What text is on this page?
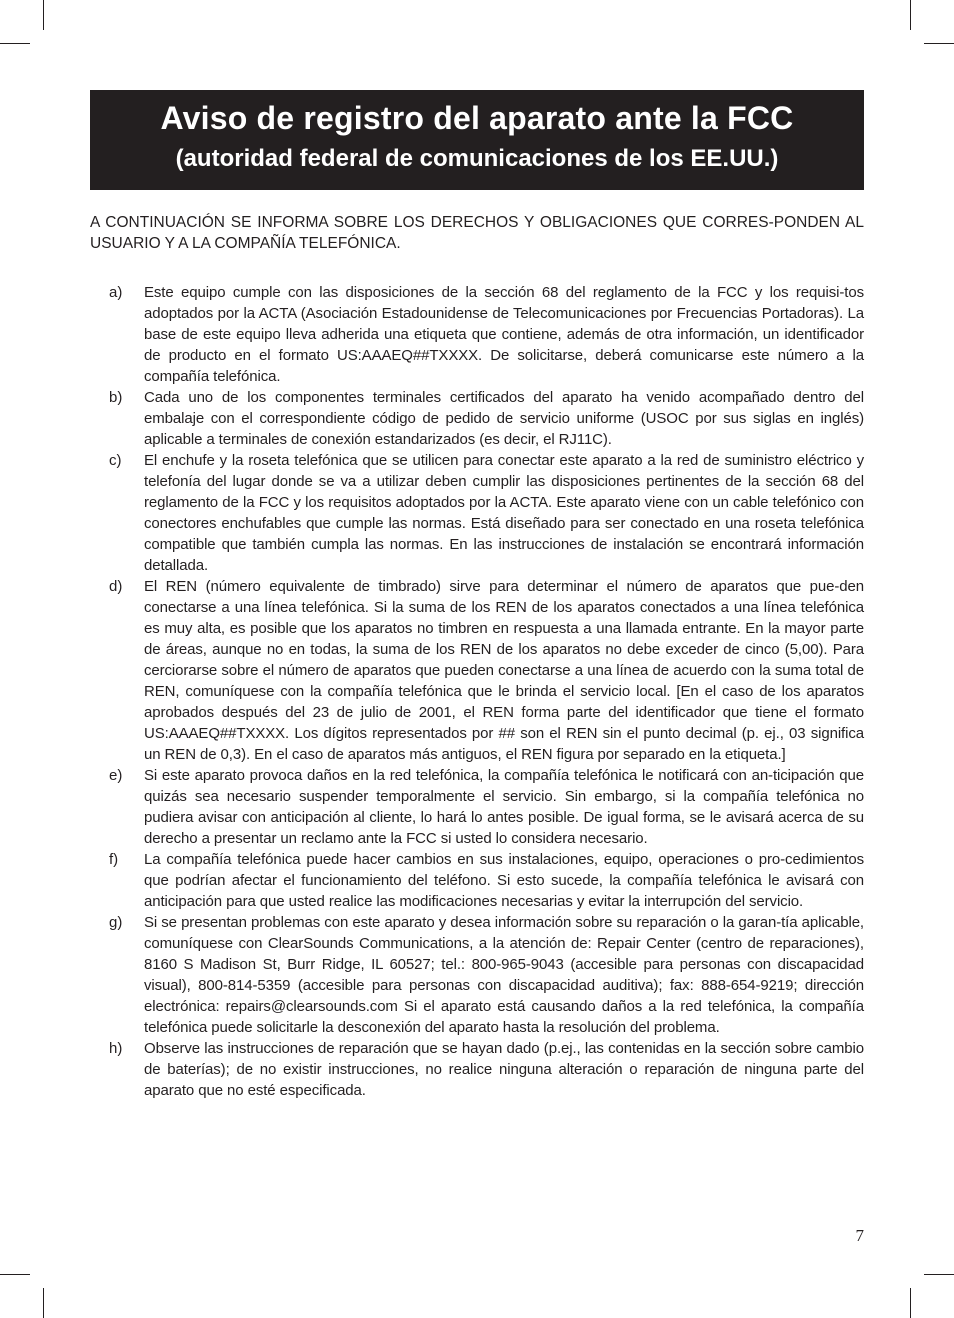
Aviso de registro del aparato ante la FCC
(autoridad federal de comunicaciones de los EE.UU.)

A CONTINUACIÓN SE INFORMA SOBRE LOS DERECHOS Y OBLIGACIONES QUE CORRES-PONDEN AL USUARIO Y A LA COMPAÑÍA TELEFÓNICA.

a) Este equipo cumple con las disposiciones de la sección 68 del reglamento de la FCC y los requisi-tos adoptados por la ACTA (Asociación Estadounidense de Telecomunicaciones por Frecuencias Portadoras). La base de este equipo lleva adherida una etiqueta que contiene, además de otra información, un identificador de producto en el formato US:AAAEQ##TXXXX. De solicitarse, deberá comunicarse este número a la compañía telefónica.
b) Cada uno de los componentes terminales certificados del aparato ha venido acompañado dentro del embalaje con el correspondiente código de pedido de servicio uniforme (USOC por sus siglas en inglés) aplicable a terminales de conexión estandarizados (es decir, el RJ11C).
c) El enchufe y la roseta telefónica que se utilicen para conectar este aparato a la red de suministro eléctrico y telefonía del lugar donde se va a utilizar deben cumplir las disposiciones pertinentes de la sección 68 del reglamento de la FCC y los requisitos adoptados por la ACTA. Este aparato viene con un cable telefónico con conectores enchufables que cumple las normas. Está diseñado para ser conectado en una roseta telefónica compatible que también cumpla las normas. En las instrucciones de instalación se encontrará información detallada.
d) El REN (número equivalente de timbrado) sirve para determinar el número de aparatos que pue-den conectarse a una línea telefónica. Si la suma de los REN de los aparatos conectados a una línea telefónica es muy alta, es posible que los aparatos no timbren en respuesta a una llamada entrante. En la mayor parte de áreas, aunque no en todas, la suma de los REN de los aparatos no debe exceder de cinco (5,00). Para cerciorarse sobre el número de aparatos que pueden conectarse a una línea de acuerdo con la suma total de REN, comuníquese con la compañía telefónica que le brinda el servicio local. [En el caso de los aparatos aprobados después del 23 de julio de 2001, el REN forma parte del identificador que tiene el formato US:AAAEQ##TXXXX. Los dígitos representados por ## son el REN sin el punto decimal (p. ej., 03 significa un REN de 0,3). En el caso de aparatos más antiguos, el REN figura por separado en la etiqueta.]
e) Si este aparato provoca daños en la red telefónica, la compañía telefónica le notificará con an-ticipación que quizás sea necesario suspender temporalmente el servicio. Sin embargo, si la compañía telefónica no pudiera avisar con anticipación al cliente, lo hará lo antes posible. De igual forma, se le avisará acerca de su derecho a presentar un reclamo ante la FCC si usted lo considera necesario.
f) La compañía telefónica puede hacer cambios en sus instalaciones, equipo, operaciones o pro-cedimientos que podrían afectar el funcionamiento del teléfono. Si esto sucede, la compañía telefónica le avisará con anticipación para que usted realice las modificaciones necesarias y evitar la interrupción del servicio.
g) Si se presentan problemas con este aparato y desea información sobre su reparación o la garan-tía aplicable, comuníquese con ClearSounds Communications, a la atención de: Repair Center (centro de reparaciones), 8160 S Madison St, Burr Ridge, IL 60527; tel.: 800-965-9043 (accesible para personas con discapacidad visual), 800-814-5359 (accesible para personas con discapacidad auditiva); fax: 888-654-9219; dirección electrónica: repairs@clearsounds.com Si el aparato está causando daños a la red telefónica, la compañía telefónica puede solicitarle la desconexión del aparato hasta la resolución del problema.
h) Observe las instrucciones de reparación que se hayan dado (p.ej., las contenidas en la sección sobre cambio de baterías); de no existir instrucciones, no realice ninguna alteración o reparación de ninguna parte del aparato que no esté especificada.
7
